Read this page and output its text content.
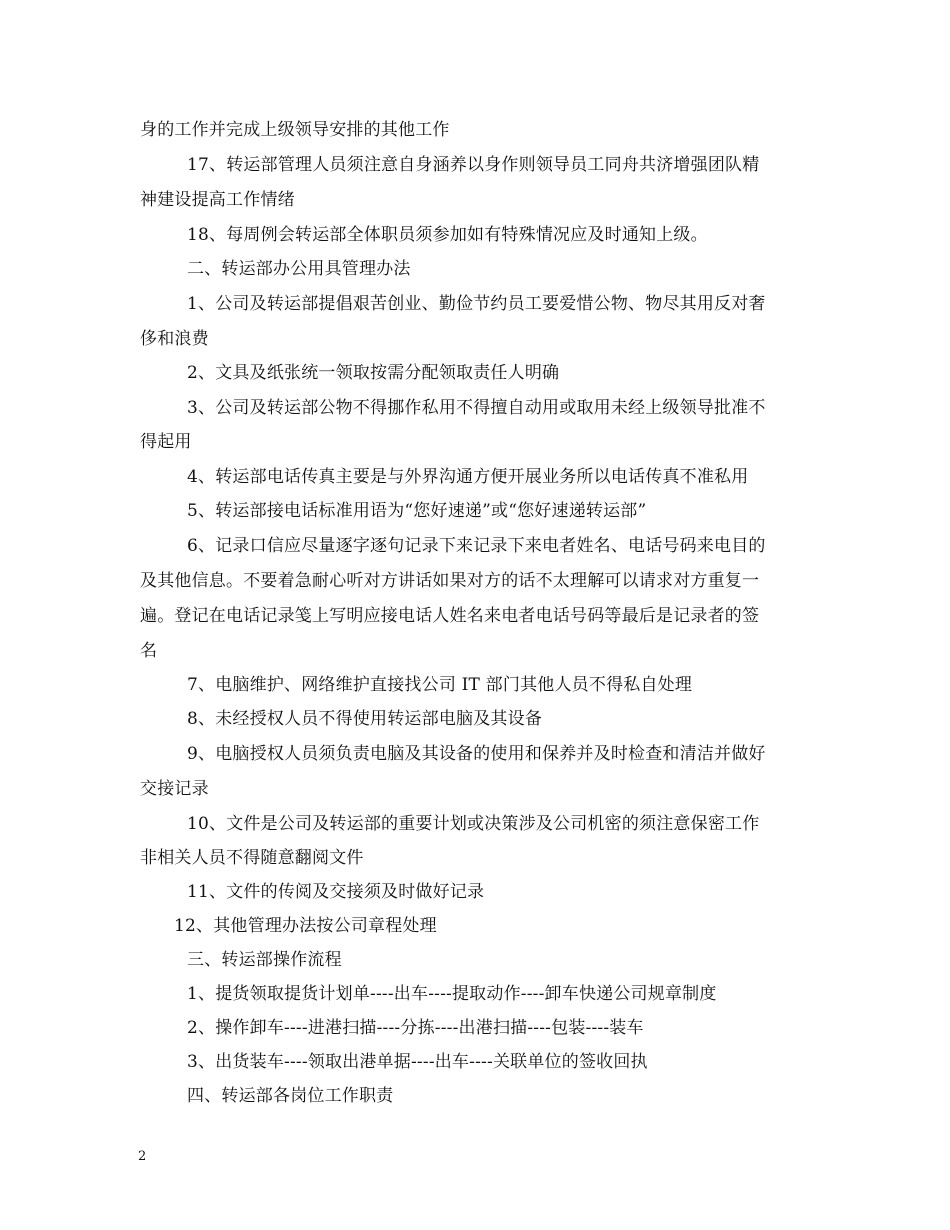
身的工作并完成上级领导安排的其他工作
17、转运部管理人员须注意自身涵养以身作则领导员工同舟共济增强团队精
神建设提高工作情绪
18、每周例会转运部全体职员须参加如有特殊情况应及时通知上级。
二、转运部办公用具管理办法
1、公司及转运部提倡艰苦创业、勤俭节约员工要爱惜公物、物尽其用反对奢
侈和浪费
2、文具及纸张统一领取按需分配领取责任人明确
3、公司及转运部公物不得挪作私用不得擅自动用或取用未经上级领导批准不
得起用
4、转运部电话传真主要是与外界沟通方便开展业务所以电话传真不准私用
5、转运部接电话标准用语为“您好速递”或“您好速递转运部”
6、记录口信应尽量逐字逐句记录下来记录下来电者姓名、电话号码来电目的
及其他信息。不要着急耐心听对方讲话如果对方的话不太理解可以请求对方重复一
遍。登记在电话记录笺上写明应接电话人姓名来电者电话号码等最后是记录者的签
名
7、电脑维护、网络维护直接找公司 IT 部门其他人员不得私自处理
8、未经授权人员不得使用转运部电脑及其设备
9、电脑授权人员须负责电脑及其设备的使用和保养并及时检查和清洁并做好
交接记录
10、文件是公司及转运部的重要计划或决策涉及公司机密的须注意保密工作
非相关人员不得随意翻阅文件
11、文件的传阅及交接须及时做好记录
12、其他管理办法按公司章程处理
三、转运部操作流程
1、提货领取提货计划单----出车----提取动作----卸车快递公司规章制度
2、操作卸车----进港扫描----分拣----出港扫描----包装----装车
3、出货装车----领取出港单据----出车----关联单位的签收回执
四、转运部各岗位工作职责
2
